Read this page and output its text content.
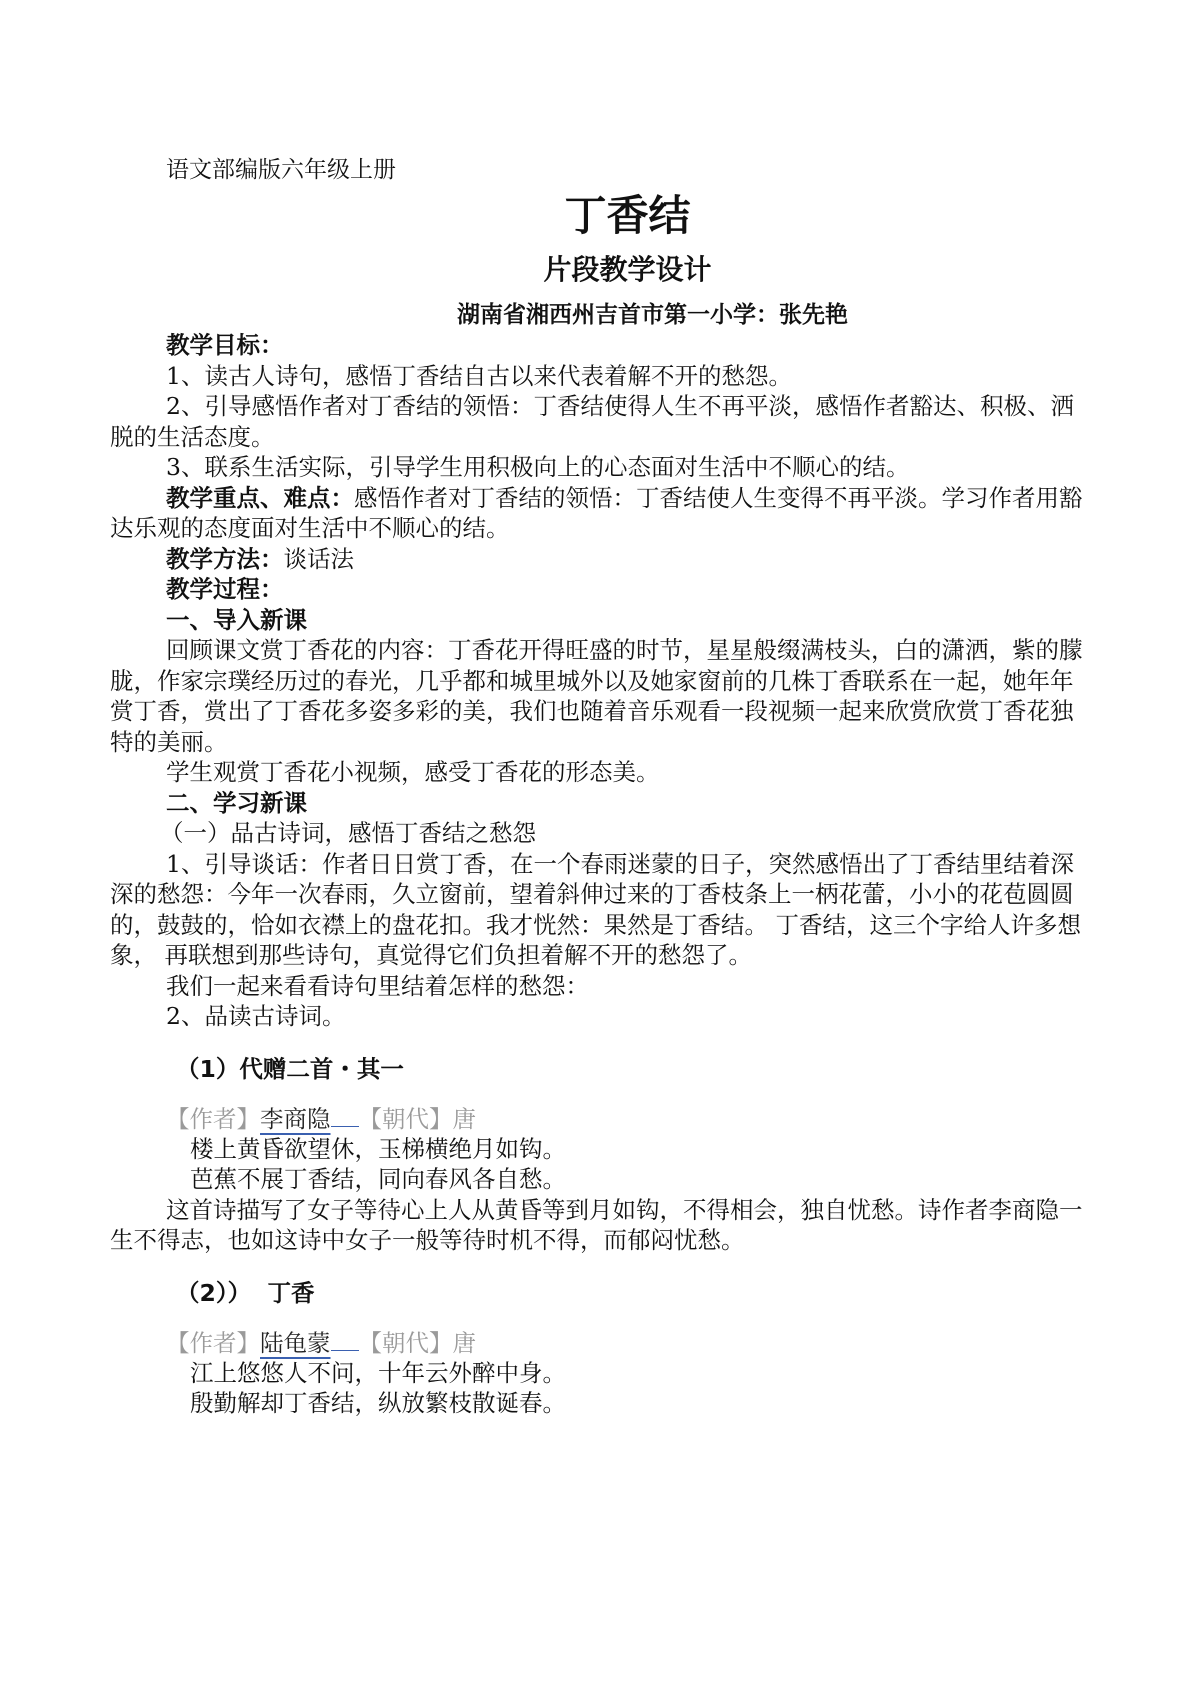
语文部编版六年级上册

丁香结
片段教学设计
湖南省湘西州吉首市第一小学：张先艳

教学目标：

1、读古人诗句，感悟丁香结自古以来代表着解不开的愁怨。

2、引导感悟作者对丁香结的领悟：丁香结使得人生不再平淡，感悟作者豁达、积极、洒脱的生活态度。

3、联系生活实际，引导学生用积极向上的心态面对生活中不顺心的结。

教学重点、难点：感悟作者对丁香结的领悟：丁香结使人生变得不再平淡。学习作者用豁达乐观的态度面对生活中不顺心的结。

教学方法：谈话法

教学过程：

一、导入新课

回顾课文赏丁香花的内容：丁香花开得旺盛的时节，星星般缀满枝头，白的潇洒，紫的朦胧，作家宗璞经历过的春光，几乎都和城里城外以及她家窗前的几株丁香联系在一起，她年年赏丁香，赏出了丁香花多姿多彩的美，我们也随着音乐观看一段视频一起来欣赏欣赏丁香花独特的美丽。

学生观赏丁香花小视频，感受丁香花的形态美。

二、学习新课

（一）品古诗词，感悟丁香结之愁怨

1、引导谈话：作者日日赏丁香，在一个春雨迷蒙的日子，突然感悟出了丁香结里结着深深的愁怨：今年一次春雨，久立窗前，望着斜伸过来的丁香枝条上一柄花蕾，小小的花苞圆圆的，鼓鼓的，恰如衣襟上的盘花扣。我才恍然：果然是丁香结。 丁香结，这三个字给人许多想象， 再联想到那些诗句，真觉得它们负担着解不开的愁怨了。

我们一起来看看诗句里结着怎样的愁怨：

2、品读古诗词。

（1）代赠二首・其一

【作者】李商隐 【朝代】唐

楼上黄昏欲望休，玉梯横绝月如钩。

芭蕉不展丁香结，同向春风各自愁。

这首诗描写了女子等待心上人从黄昏等到月如钩，不得相会，独自忧愁。诗作者李商隐一生不得志，也如这诗中女子一般等待时机不得，而郁闷忧愁。

（2））  丁香

【作者】陆龟蒙 【朝代】唐

江上悠悠人不问，十年云外醉中身。

殷勤解却丁香结，纵放繁枝散诞春。
